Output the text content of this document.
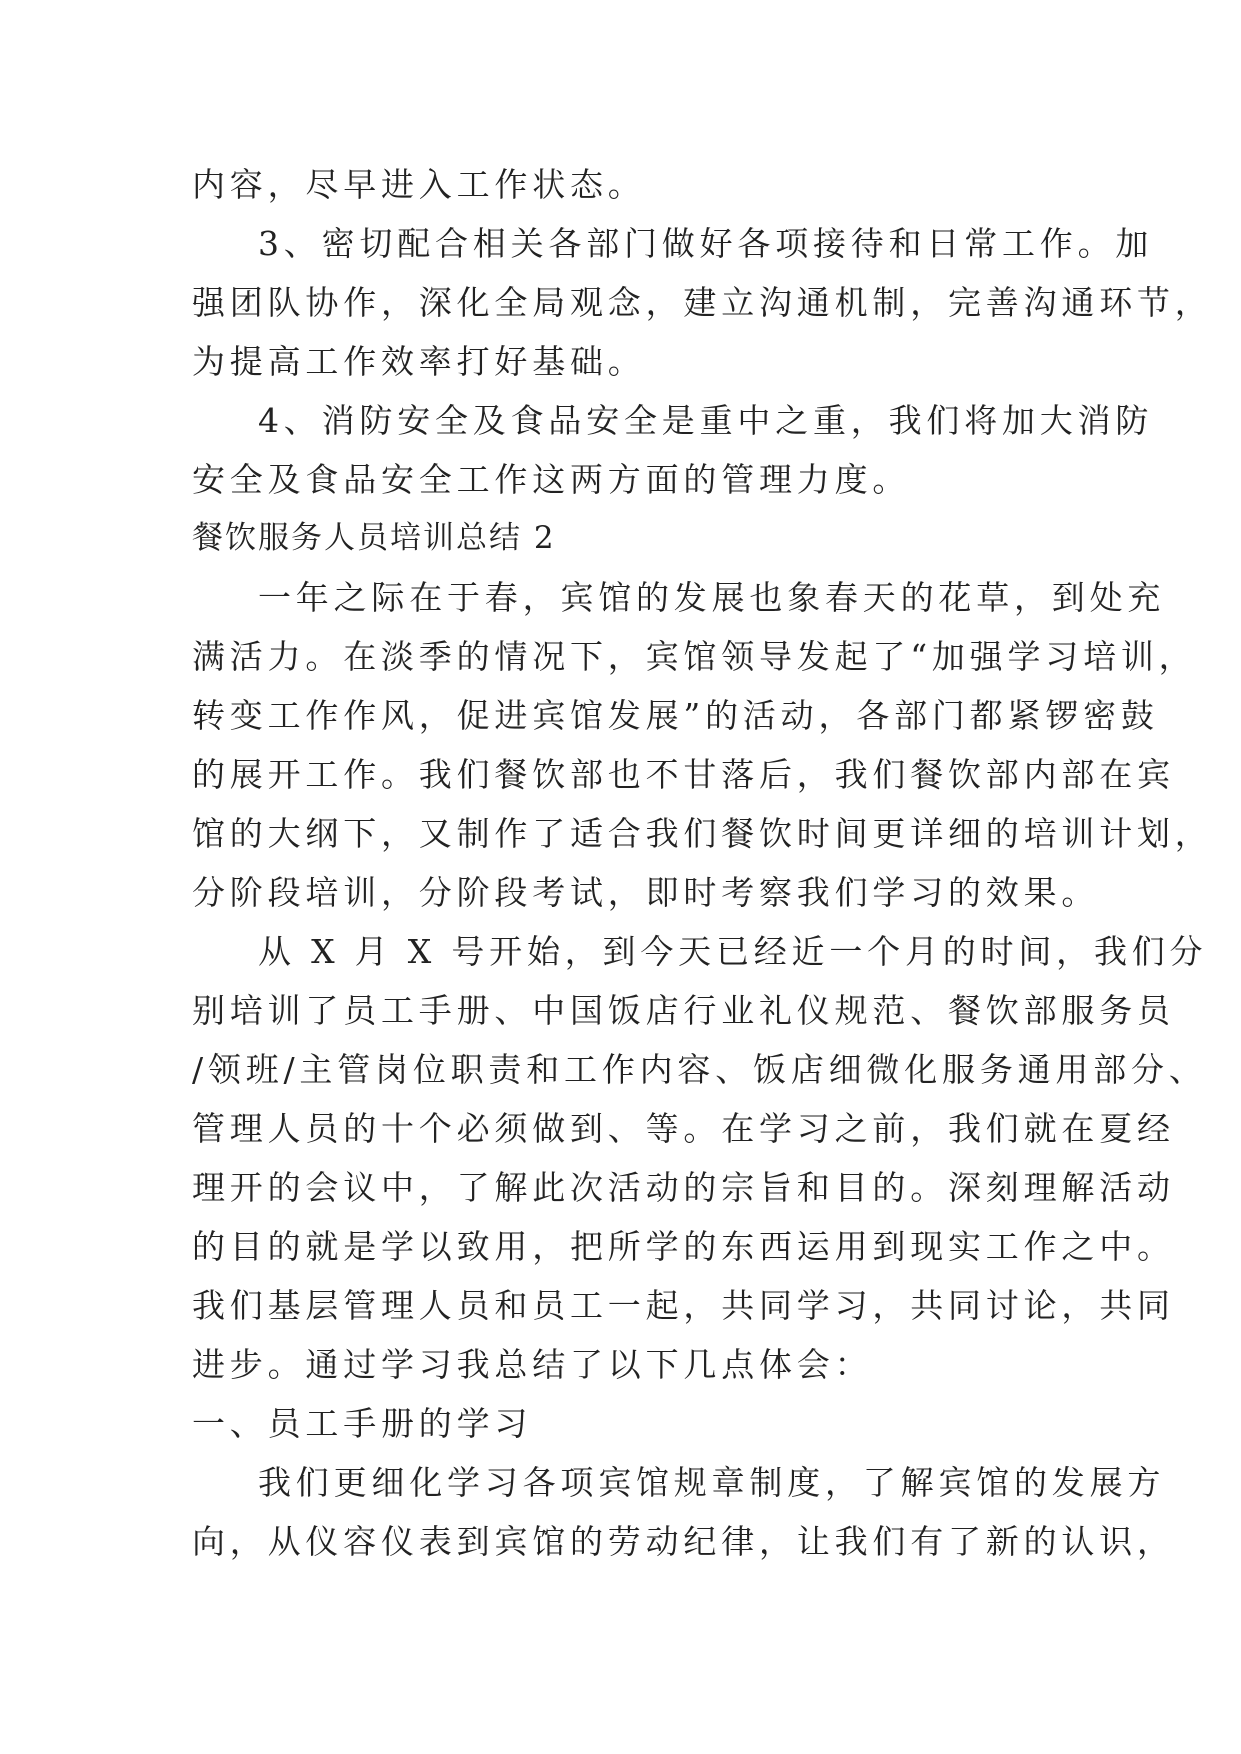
内容，尽早进入工作状态。

3、密切配合相关各部门做好各项接待和日常工作。加
强团队协作，深化全局观念，建立沟通机制，完善沟通环节，
为提高工作效率打好基础。

4、消防安全及食品安全是重中之重，我们将加大消防
安全及食品安全工作这两方面的管理力度。

餐饮服务人员培训总结 2

一年之际在于春，宾馆的发展也象春天的花草，到处充
满活力。在淡季的情况下，宾馆领导发起了“加强学习培训，
转变工作作风，促进宾馆发展”的活动，各部门都紧锣密鼓
的展开工作。我们餐饮部也不甘落后，我们餐饮部内部在宾
馆的大纲下，又制作了适合我们餐饮时间更详细的培训计划，
分阶段培训，分阶段考试，即时考察我们学习的效果。

从 X 月 X 号开始，到今天已经近一个月的时间，我们分
别培训了员工手册、中国饭店行业礼仪规范、餐饮部服务员
/领班/主管岗位职责和工作内容、饭店细微化服务通用部分、
管理人员的十个必须做到、等。在学习之前，我们就在夏经
理开的会议中，了解此次活动的宗旨和目的。深刻理解活动
的目的就是学以致用，把所学的东西运用到现实工作之中。
我们基层管理人员和员工一起，共同学习，共同讨论，共同
进步。通过学习我总结了以下几点体会：

一、员工手册的学习

我们更细化学习各项宾馆规章制度，了解宾馆的发展方
向，从仪容仪表到宾馆的劳动纪律，让我们有了新的认识，
